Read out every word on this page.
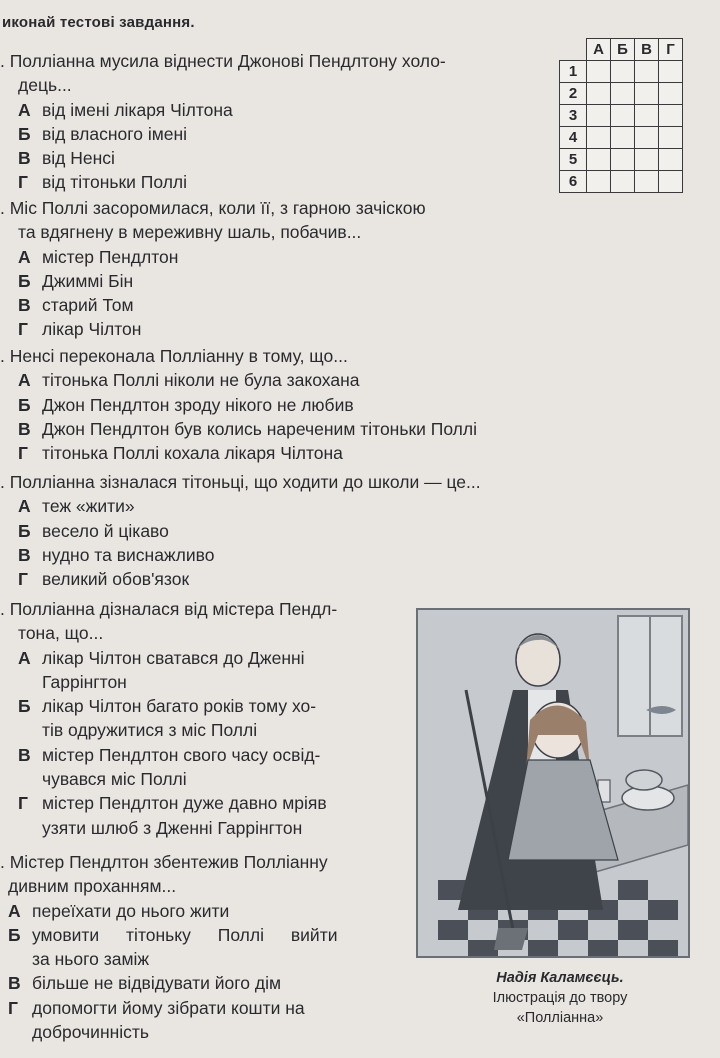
иконай тестові завдання.
	А	Б	В	Г
1				
2				
3				
4				
5				
6				

. Полліанна мусила віднести Джонові Пендлтону холо-

дець...

А від імені лікаря Чілтона

Б від власного імені

В від Ненсі

Г від тітоньки Поллі

. Міс Поллі засоромилася, коли її, з гарною зачіскою

та вдягнену в мереживну шаль, побачив...

А містер Пендлтон

Б Джиммі Бін

В старий Том

Г лікар Чілтон

. Ненсі переконала Полліанну в тому, що...

А тітонька Поллі ніколи не була закохана

Б Джон Пендлтон зроду нікого не любив

В Джон Пендлтон був колись нареченим тітоньки Поллі

Г тітонька Поллі кохала лікаря Чілтона

. Полліанна зізналася тітоньці, що ходити до школи — це...

А теж «жити»

Б весело й цікаво

В нудно та виснажливо

Г великий обов'язок

. Полліанна дізналася від містера Пендл-

тона, що...

А лікар Чілтон сватався до Дженні
Гаррінгтон
Б лікар Чілтон багато років тому хо-
тів одружитися з міс Поллі
В містер Пендлтон свого часу освід-
чувався міс Поллі
Г містер Пендлтон дуже давно мріяв
узяти шлюб з Дженні Гаррінгтон

. Містер Пендлтон збентежив Полліанну

дивним проханням...

А переїхати до нього жити

Б умовити тітоньку Поллі вийти
за нього заміж

В більше не відвідувати його дім

Г допомогти йому зібрати кошти на
доброчинність
Надія Каламєєць.
Ілюстрація до твору
«Полліанна»
